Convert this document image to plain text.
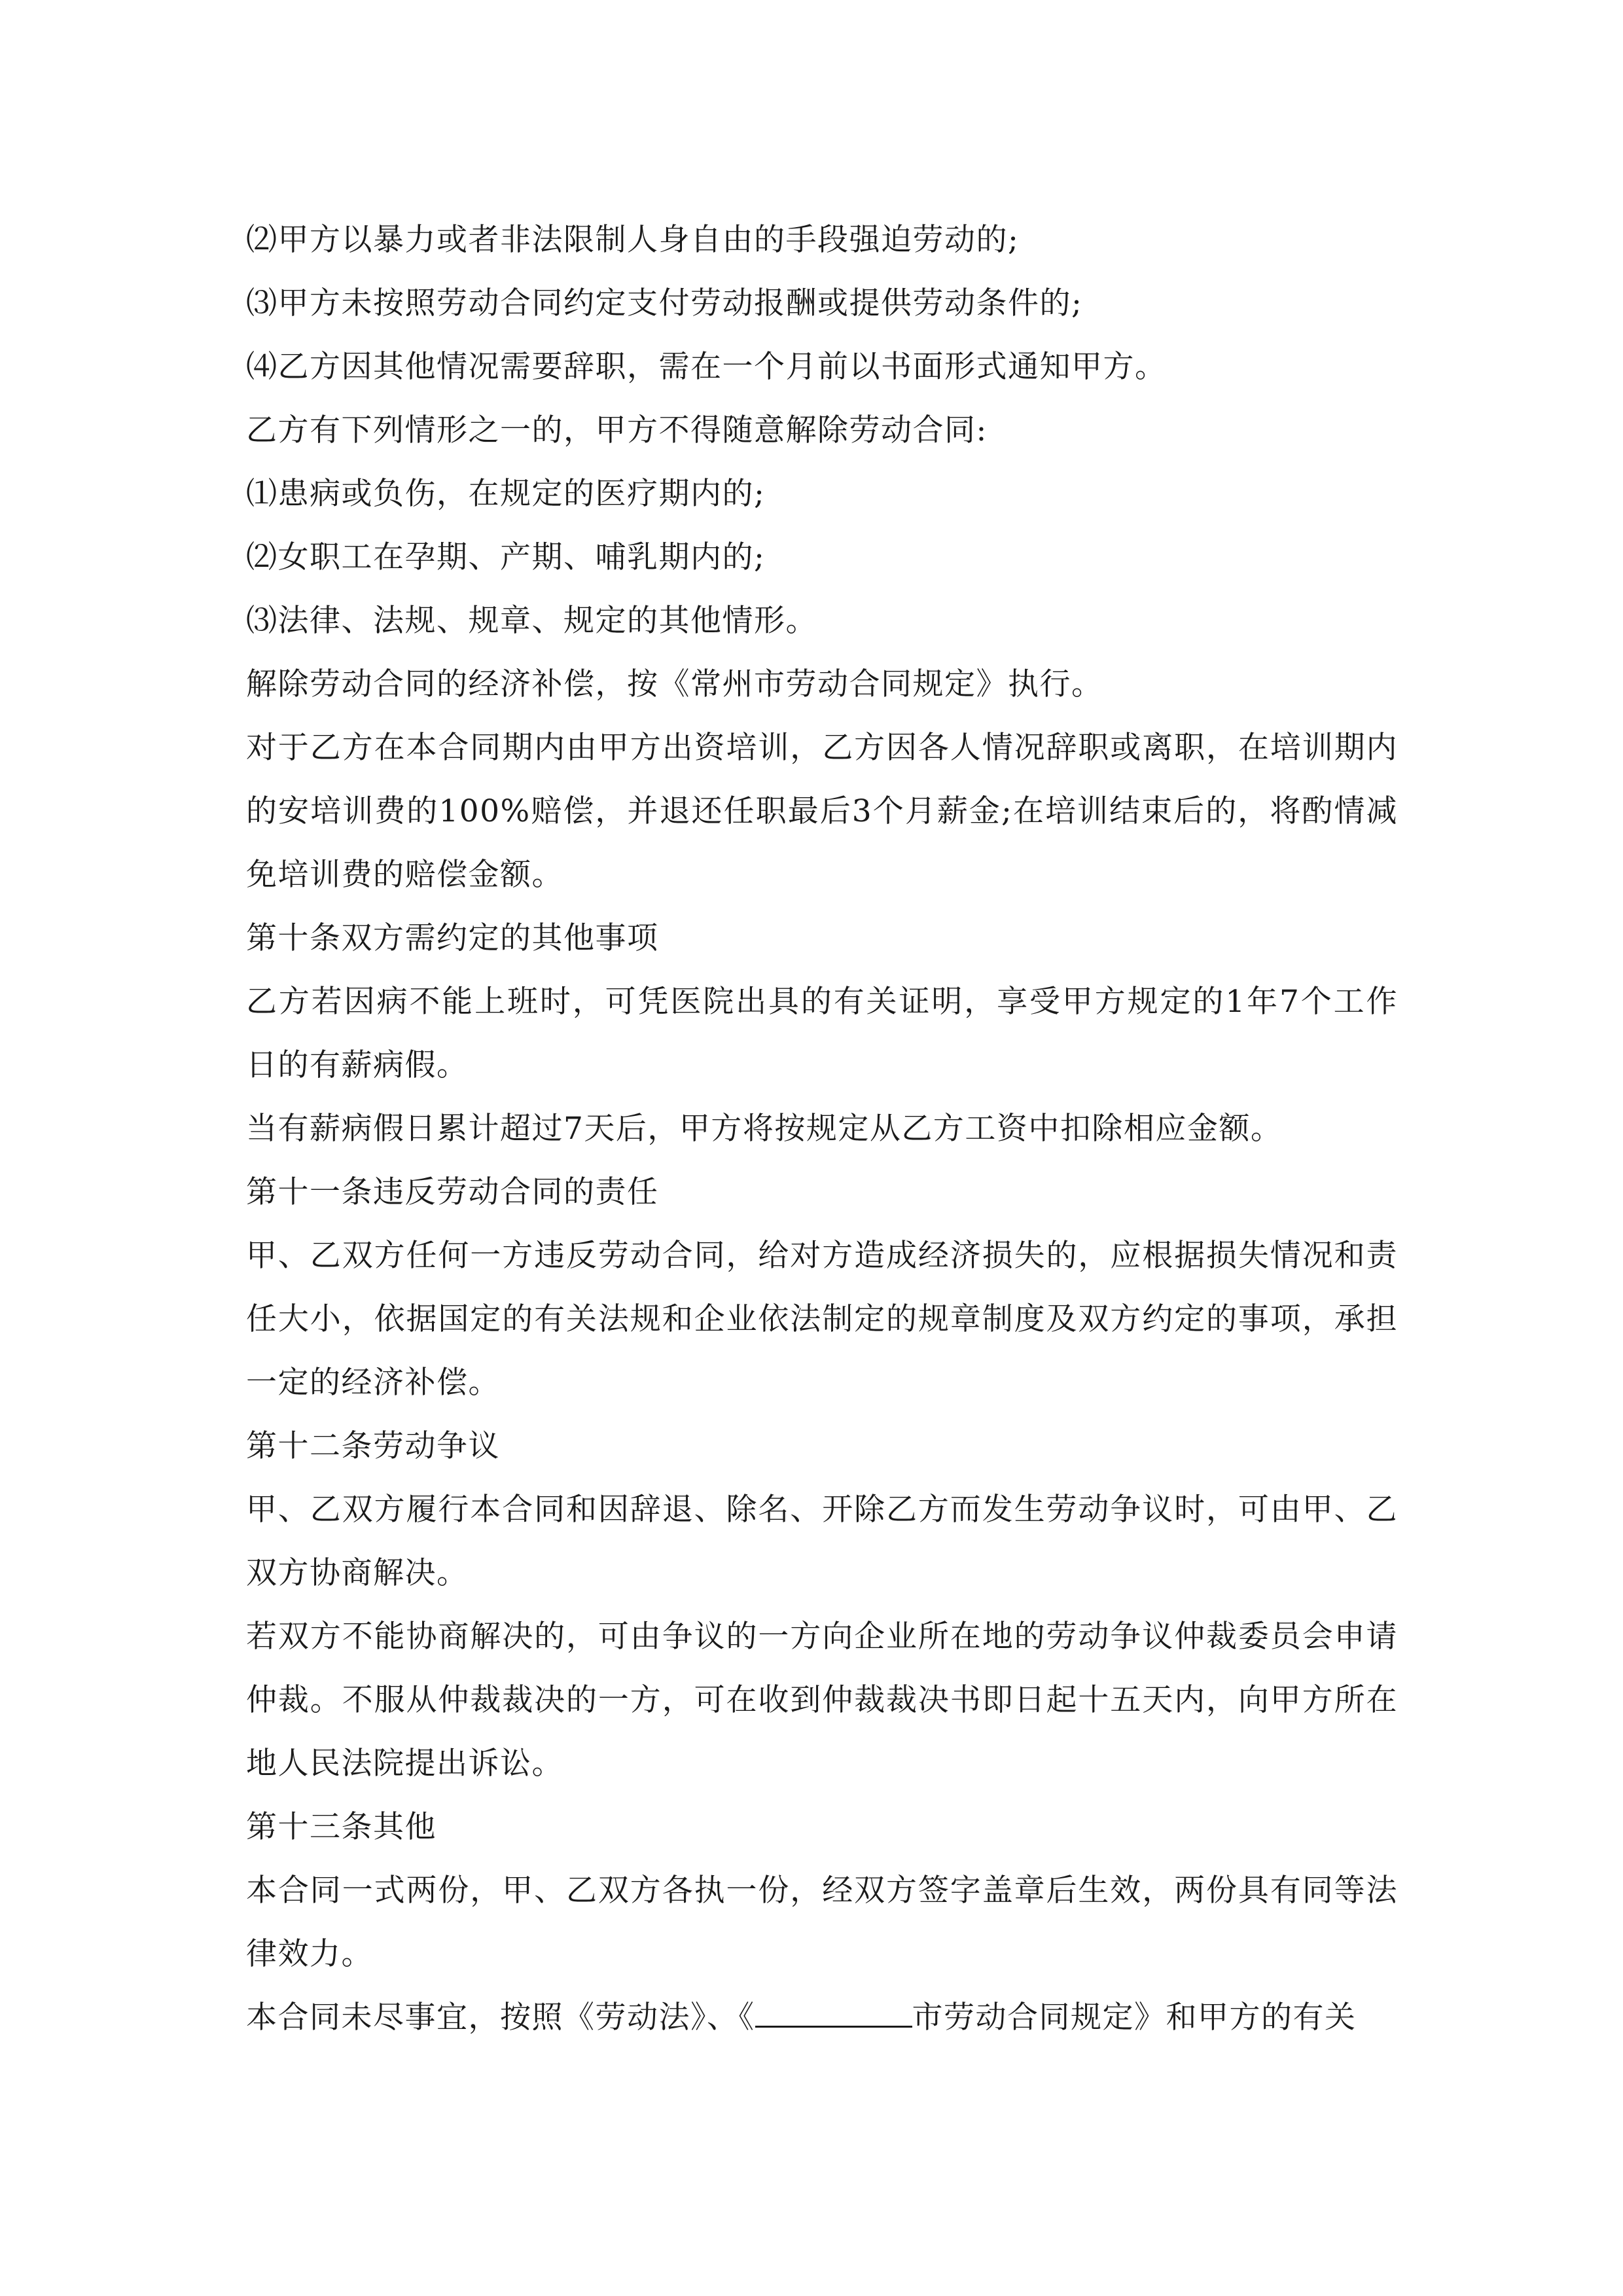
⑵甲方以暴力或者非法限制人身自由的手段强迫劳动的;

⑶甲方未按照劳动合同约定支付劳动报酬或提供劳动条件的;

⑷乙方因其他情况需要辞职，需在一个月前以书面形式通知甲方。

乙方有下列情形之一的，甲方不得随意解除劳动合同:

⑴患病或负伤，在规定的医疗期内的;

⑵女职工在孕期、产期、哺乳期内的;

⑶法律、法规、规章、规定的其他情形。

解除劳动合同的经济补偿，按《常州市劳动合同规定》执行。

对于乙方在本合同期内由甲方出资培训，乙方因各人情况辞职或离职，在培训期内的安培训费的100%赔偿，并退还任职最后3个月薪金;在培训结束后的，将酌情减免培训费的赔偿金额。

第十条双方需约定的其他事项

乙方若因病不能上班时，可凭医院出具的有关证明，享受甲方规定的1年7个工作日的有薪病假。

当有薪病假日累计超过7天后，甲方将按规定从乙方工资中扣除相应金额。

第十一条违反劳动合同的责任

甲、乙双方任何一方违反劳动合同，给对方造成经济损失的，应根据损失情况和责任大小，依据国定的有关法规和企业依法制定的规章制度及双方约定的事项，承担一定的经济补偿。

第十二条劳动争议

甲、乙双方履行本合同和因辞退、除名、开除乙方而发生劳动争议时，可由甲、乙双方协商解决。

若双方不能协商解决的，可由争议的一方向企业所在地的劳动争议仲裁委员会申请仲裁。不服从仲裁裁决的一方，可在收到仲裁裁决书即日起十五天内，向甲方所在地人民法院提出诉讼。

第十三条其他

本合同一式两份，甲、乙双方各执一份，经双方签字盖章后生效，两份具有同等法律效力。

本合同未尽事宜，按照《劳动法》、《	市劳动合同规定》和甲方的有关
